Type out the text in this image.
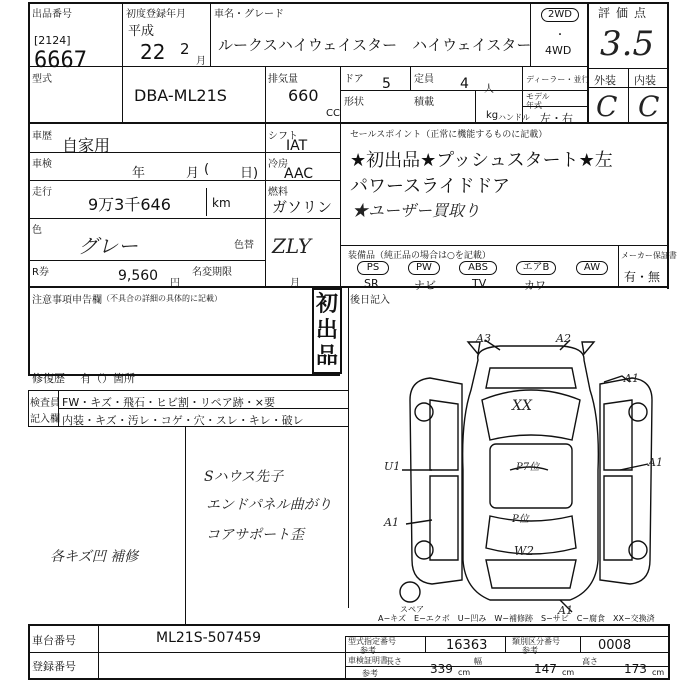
出品番号
[2124]
6667
初度登録年月
平成
22 2
月
車名・グレード
ルークスハイウェイスター　ハイウェイスター
2WD
・
4WD
評価点
3.5
型式
DBA-ML21S
排気量
660
CC
ドア 5 定員 4 人
ディーラー・並行
モデル年式
形状	積載
kg ハンドル 左・右
外装 内装
C C
車歴 自家用
車検
年	月 ( 日)
走行
9万3千646	km
色
グレー	色替 ZLY
R券	9,560 円
名変期限
月
シフト
IAT
冷房
AAC
燃料
ガソリン
セールスポイント（正常に機能するものに記載）
★初出品★プッシュスタート★左
パワースライドドア
★ユーザー買取り
装備品（純正品の場合は○を記載）
PS	PW	ABS	エアB	AW
SR	ナビ	TV	カワ
メーカー保証書
有・無
初出品
注意事項申告欄 （不具合の詳細の具体的に記載）	後日記入
修復歴 有（）箇所
検査員
記入欄
FW・キズ・飛石・ヒビ割・リペア跡・×要
内装・キズ・汚レ・コゲ・穴・スレ・キレ・破レ
Sハウス先子
エンドパネル曲がり
コアサポート歪
各キズ凹 補修
A3	A2
XX
U1	A1
A1
P7位
P位
W2
A1
スペア
A1
A−キズ　E−エクボ　U−凹み　W−補修跡　S−サビ　C−腐食　XX−交換済
車台番号	ML21S-507459
登録番号
型式指定番号
参考	16363	類別区分番号
参考	0008
車検証明書
参考
長さ
339 cm
幅
147 cm
高さ
173 cm
